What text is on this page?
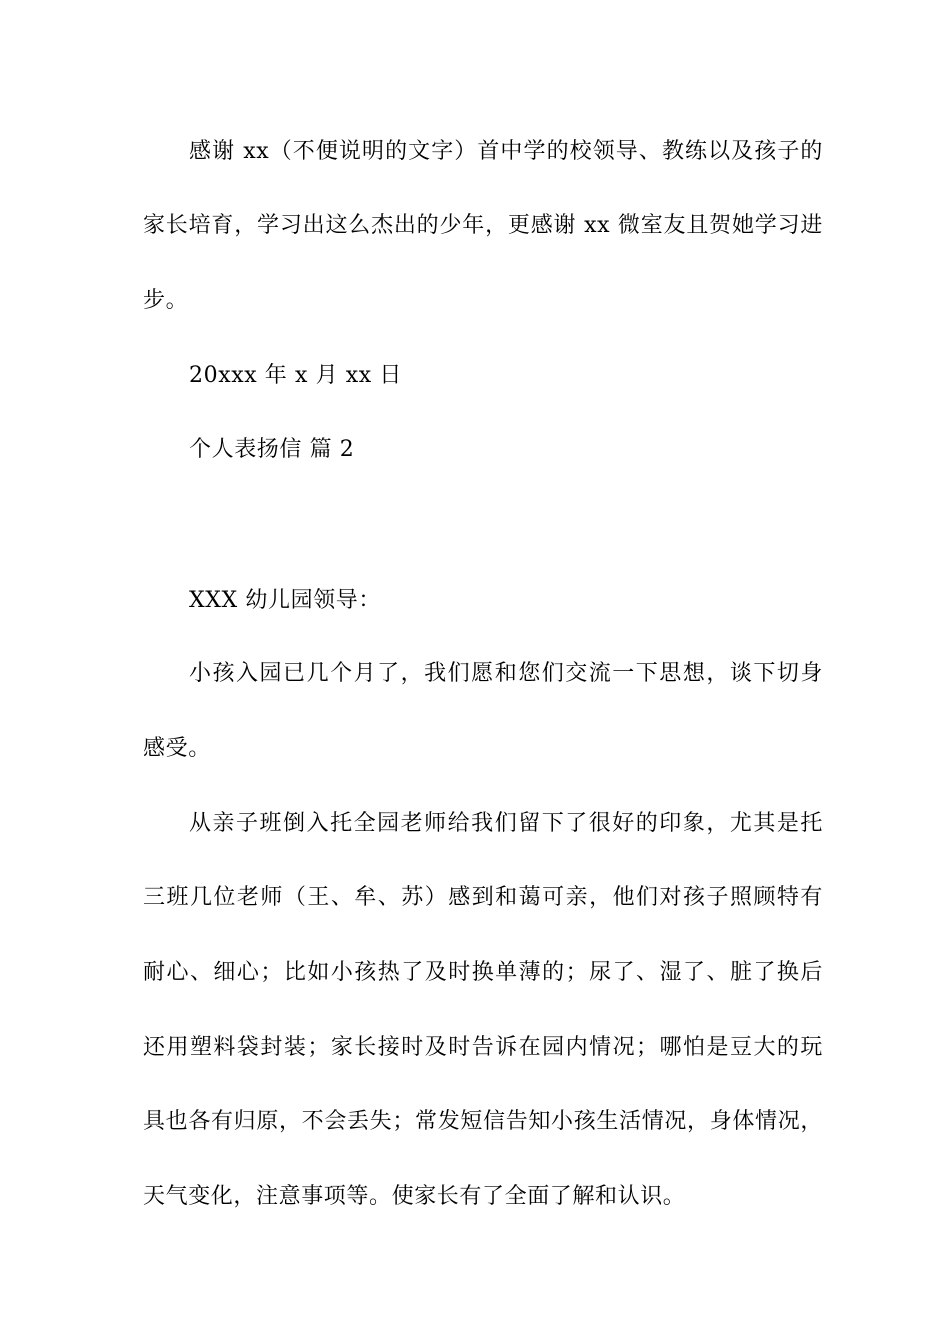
感谢 xx（不便说明的文字）首中学的校领导、教练以及孩子的
家长培育，学习出这么杰出的少年，更感谢 xx 微室友且贺她学习进
步。
20xxx 年 x 月 xx 日
个人表扬信 篇 2
XXX 幼儿园领导：
小孩入园已几个月了，我们愿和您们交流一下思想，谈下切身
感受。
从亲子班倒入托全园老师给我们留下了很好的印象，尤其是托
三班几位老师（王、牟、苏）感到和蔼可亲，他们对孩子照顾特有
耐心、细心；比如小孩热了及时换单薄的；尿了、湿了、脏了换后
还用塑料袋封装；家长接时及时告诉在园内情况；哪怕是豆大的玩
具也各有归原，不会丢失；常发短信告知小孩生活情况，身体情况，
天气变化，注意事项等。使家长有了全面了解和认识。
